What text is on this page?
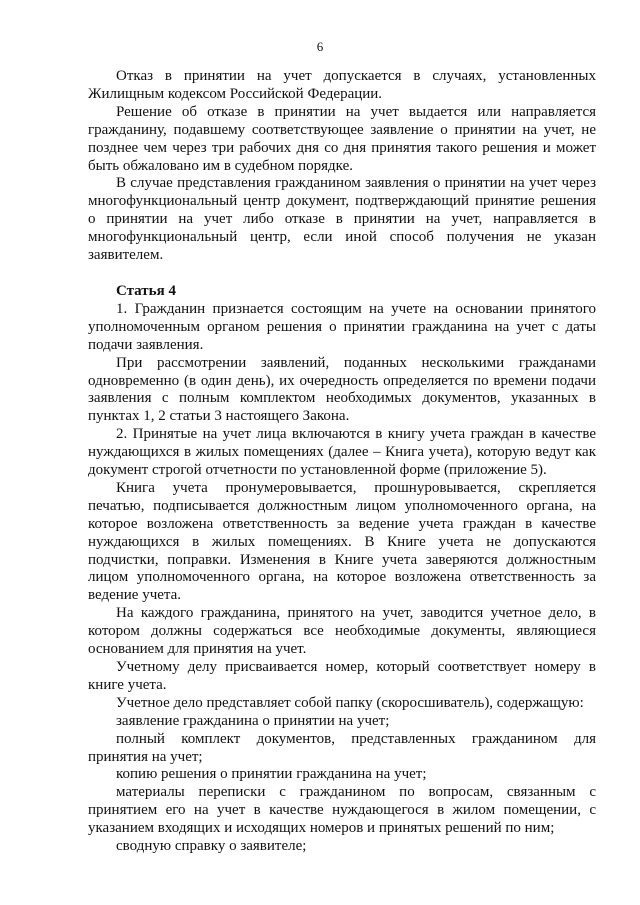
6

Отказ в принятии на учет допускается в случаях, установленных Жилищным кодексом Российской Федерации.

Решение об отказе в принятии на учет выдается или направляется гражданину, подавшему соответствующее заявление о принятии на учет, не позднее чем через три рабочих дня со дня принятия такого решения и может быть обжаловано им в судебном порядке.

В случае представления гражданином заявления о принятии на учет через многофункциональный центр документ, подтверждающий принятие решения о принятии на учет либо отказе в принятии на учет, направляется в многофункциональный центр, если иной способ получения не указан заявителем.

Статья 4

1. Гражданин признается состоящим на учете на основании принятого уполномоченным органом решения о принятии гражданина на учет с даты подачи заявления.

При рассмотрении заявлений, поданных несколькими гражданами одновременно (в один день), их очередность определяется по времени подачи заявления с полным комплектом необходимых документов, указанных в пунктах 1, 2 статьи 3 настоящего Закона.

2. Принятые на учет лица включаются в книгу учета граждан в качестве нуждающихся в жилых помещениях (далее – Книга учета), которую ведут как документ строгой отчетности по установленной форме (приложение 5).

Книга учета пронумеровывается, прошнуровывается, скрепляется печатью, подписывается должностным лицом уполномоченного органа, на которое возложена ответственность за ведение учета граждан в качестве нуждающихся в жилых помещениях. В Книге учета не допускаются подчистки, поправки. Изменения в Книге учета заверяются должностным лицом уполномоченного органа, на которое возложена ответственность за ведение учета.

На каждого гражданина, принятого на учет, заводится учетное дело, в котором должны содержаться все необходимые документы, являющиеся основанием для принятия на учет.

Учетному делу присваивается номер, который соответствует номеру в книге учета.

Учетное дело представляет собой папку (скоросшиватель), содержащую:

заявление гражданина о принятии на учет;

полный комплект документов, представленных гражданином для принятия на учет;

копию решения о принятии гражданина на учет;

материалы переписки с гражданином по вопросам, связанным с принятием его на учет в качестве нуждающегося в жилом помещении, с указанием входящих и исходящих номеров и принятых решений по ним;

сводную справку о заявителе;
